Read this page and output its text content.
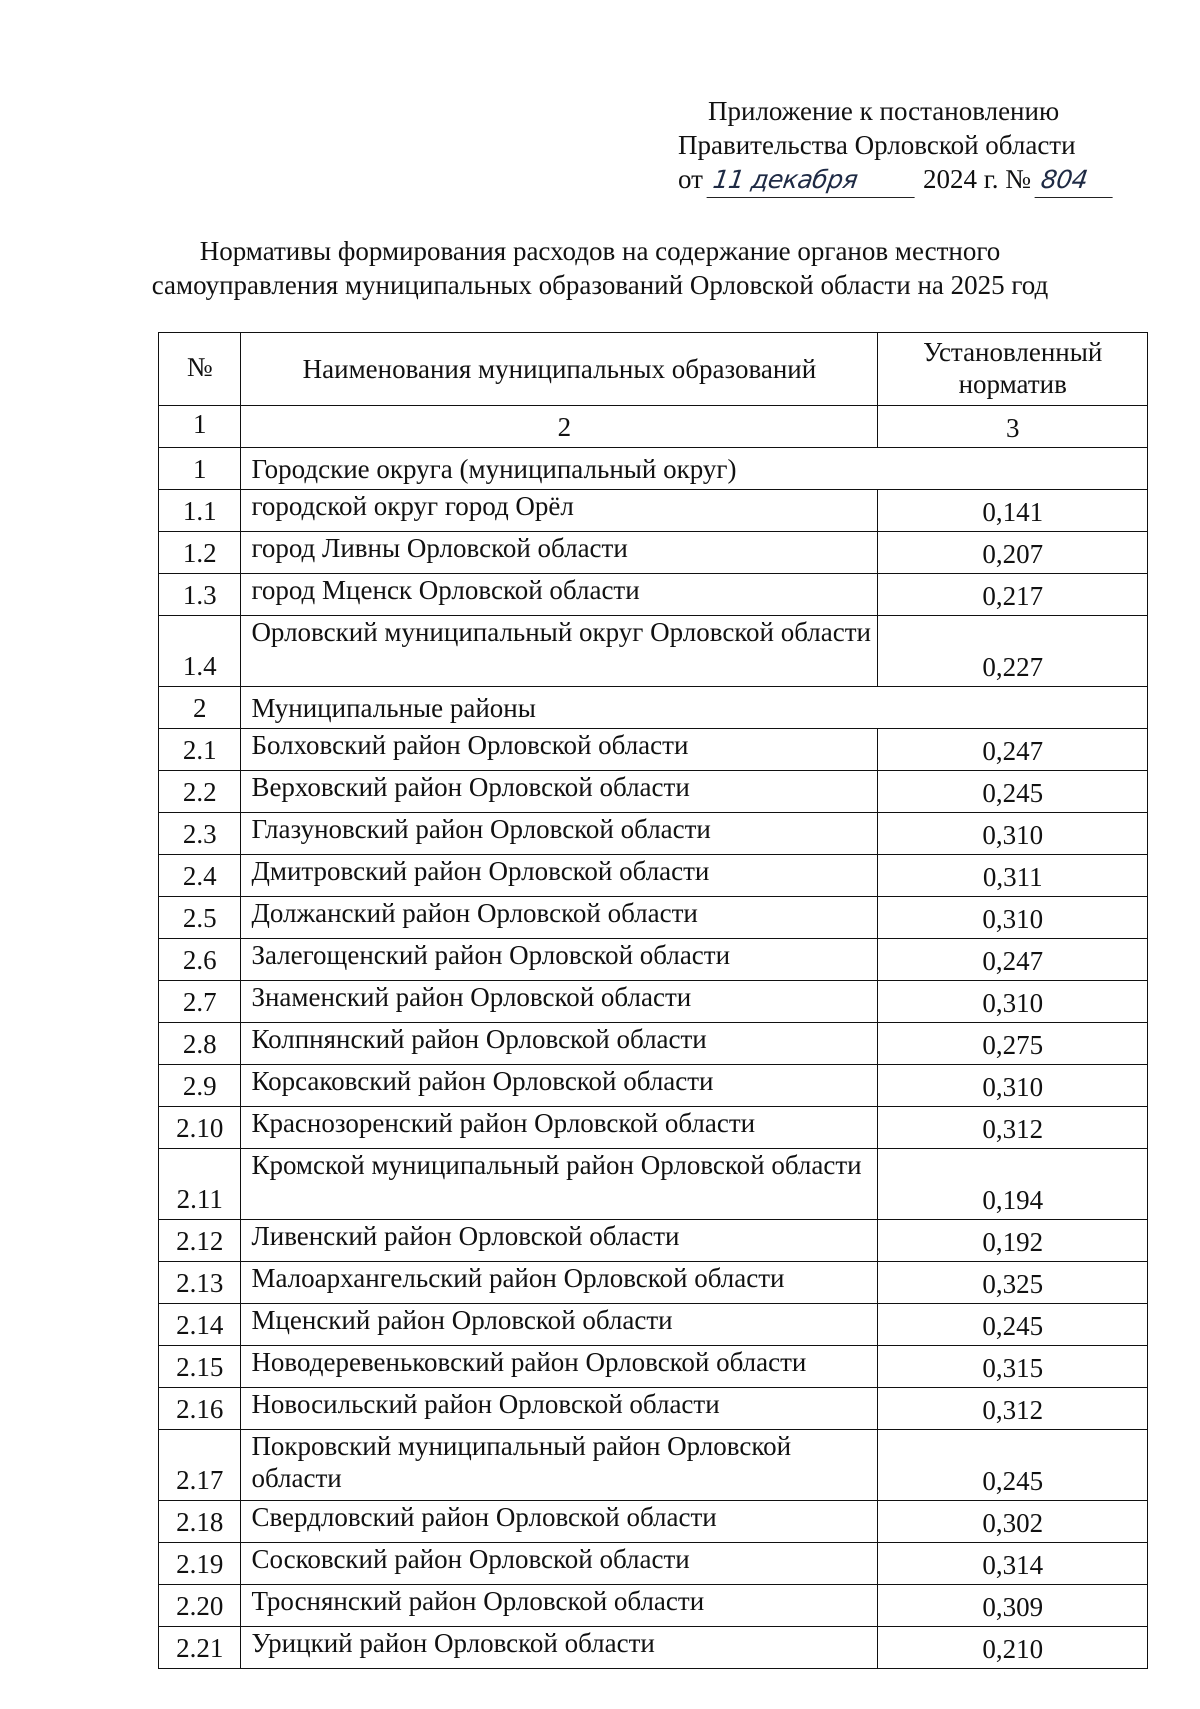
Приложение к постановлению
Правительства Орловской области
от 11 декабря 2024 г. № 804
Нормативы формирования расходов на содержание органов местного
самоуправления муниципальных образований Орловской области на 2025 год
№	Наименования муниципальных образований	Установленный норматив
1	2	3
1	Городские округа (муниципальный округ)	
1.1	городской округ город Орёл	0,141
1.2	город Ливны Орловской области	0,207
1.3	город Мценск Орловской области	0,217
1.4	Орловский муниципальный округ Орловской области	0,227
2	Муниципальные районы	
2.1	Болховский район Орловской области	0,247
2.2	Верховский район Орловской области	0,245
2.3	Глазуновский район Орловской области	0,310
2.4	Дмитровский район Орловской области	0,311
2.5	Должанский район Орловской области	0,310
2.6	Залегощенский район Орловской области	0,247
2.7	Знаменский район Орловской области	0,310
2.8	Колпнянский район Орловской области	0,275
2.9	Корсаковский район Орловской области	0,310
2.10	Краснозоренский район Орловской области	0,312
2.11	Кромской муниципальный район Орловской области	0,194
2.12	Ливенский район Орловской области	0,192
2.13	Малоархангельский район Орловской области	0,325
2.14	Мценский район Орловской области	0,245
2.15	Новодеревеньковский район Орловской области	0,315
2.16	Новосильский район Орловской области	0,312
2.17	Покровский муниципальный район Орловской области	0,245
2.18	Свердловский район Орловской области	0,302
2.19	Сосковский район Орловской области	0,314
2.20	Троснянский район Орловской области	0,309
2.21	Урицкий район Орловской области	0,210
